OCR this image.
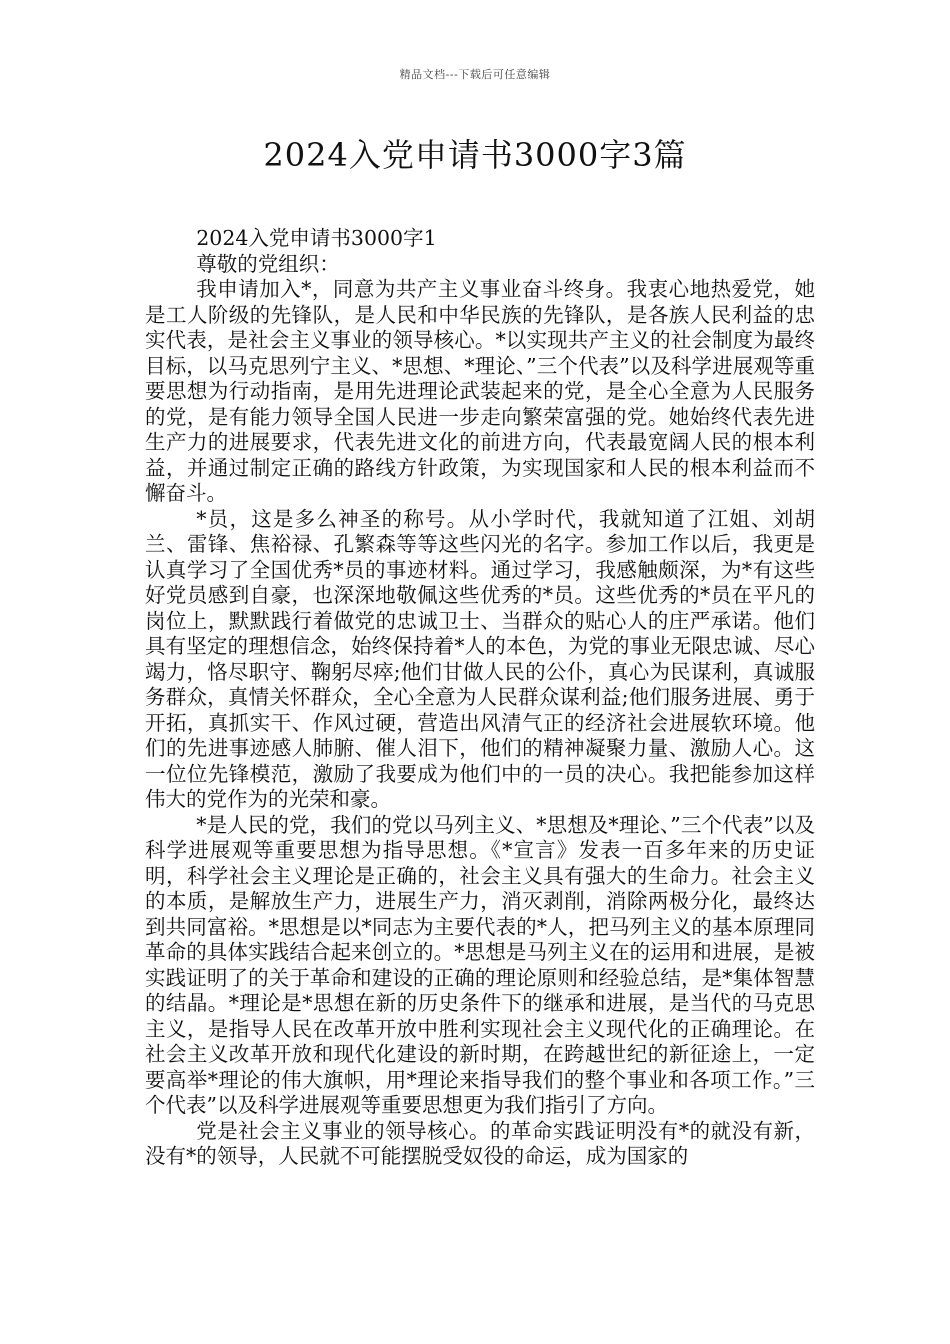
精品文档---下载后可任意编辑
2024入党申请书3000字3篇

2024入党申请书3000字1

尊敬的党组织：

我申请加入*，同意为共产主义事业奋斗终身。我衷心地热爱党，她是工人阶级的先锋队，是人民和中华民族的先锋队，是各族人民利益的忠实代表，是社会主义事业的领导核心。*以实现共产主义的社会制度为最终目标，以马克思列宁主义、*思想、*理论、”三个代表”以及科学进展观等重要思想为行动指南，是用先进理论武装起来的党，是全心全意为人民服务的党，是有能力领导全国人民进一步走向繁荣富强的党。她始终代表先进生产力的进展要求，代表先进文化的前进方向，代表最宽阔人民的根本利益，并通过制定正确的路线方针政策，为实现国家和人民的根本利益而不懈奋斗。

*员，这是多么神圣的称号。从小学时代，我就知道了江姐、刘胡兰、雷锋、焦裕禄、孔繁森等等这些闪光的名字。参加工作以后，我更是认真学习了全国优秀*员的事迹材料。通过学习，我感触颇深，为*有这些好党员感到自豪，也深深地敬佩这些优秀的*员。这些优秀的*员在平凡的岗位上，默默践行着做党的忠诚卫士、当群众的贴心人的庄严承诺。他们具有坚定的理想信念，始终保持着*人的本色，为党的事业无限忠诚、尽心竭力，恪尽职守、鞠躬尽瘁;他们甘做人民的公仆，真心为民谋利，真诚服务群众，真情关怀群众，全心全意为人民群众谋利益;他们服务进展、勇于开拓，真抓实干、作风过硬，营造出风清气正的经济社会进展软环境。他们的先进事迹感人肺腑、催人泪下，他们的精神凝聚力量、激励人心。这一位位先锋模范，激励了我要成为他们中的一员的决心。我把能参加这样伟大的党作为的光荣和豪。

*是人民的党，我们的党以马列主义、*思想及*理论、”三个代表”以及科学进展观等重要思想为指导思想。《*宣言》发表一百多年来的历史证明，科学社会主义理论是正确的，社会主义具有强大的生命力。社会主义的本质，是解放生产力，进展生产力，消灭剥削，消除两极分化，最终达到共同富裕。*思想是以*同志为主要代表的*人，把马列主义的基本原理同革命的具体实践结合起来创立的。*思想是马列主义在的运用和进展，是被实践证明了的关于革命和建设的正确的理论原则和经验总结，是*集体智慧的结晶。*理论是*思想在新的历史条件下的继承和进展，是当代的马克思主义，是指导人民在改革开放中胜利实现社会主义现代化的正确理论。在社会主义改革开放和现代化建设的新时期，在跨越世纪的新征途上，一定要高举*理论的伟大旗帜，用*理论来指导我们的整个事业和各项工作。”三个代表”以及科学进展观等重要思想更为我们指引了方向。

党是社会主义事业的领导核心。的革命实践证明没有*的就没有新，没有*的领导，人民就不可能摆脱受奴役的命运，成为国家的
